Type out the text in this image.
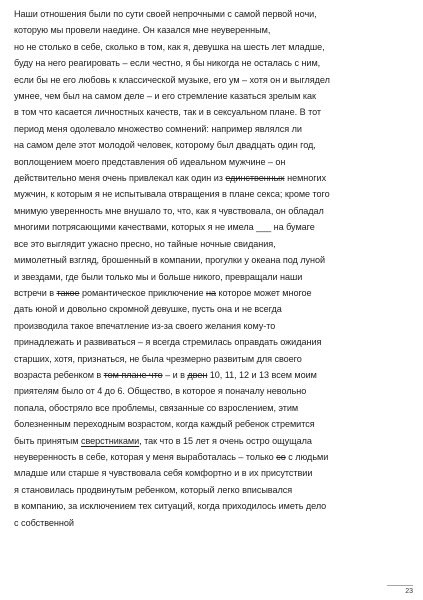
Наши отношения были по сути своей непрочными с самой первой ночи,
которую мы провели наедине. Он казался мне неуверенным,
но не столько в себе, сколько в том, как я, девушка на шесть лет младше,
буду на него реагировать – если честно, я бы никогда не осталась с ним,
если бы не его любовь к классической музыке, его ум – хотя он и выглядел
умнее, чем был на самом деле – и его стремление казаться зрелым как
в том что касается личностных качеств, так и в сексуальном плане. В тот
период меня одолевало множество сомнений: например являлся ли
на самом деле этот молодой человек, которому был двадцать один год,
воплощением моего представления об идеальном мужчине – он
действительно меня очень привлекал как один из единственных немногих
мужчин, к которым я не испытывала отвращения в плане секса; кроме того
мнимую уверенность мне внушало то, что, как я чувствовала, он обладал
многими потрясающими качествами, которых я не имела ___ на бумаге
все это выглядит ужасно пресно, но тайные ночные свидания,
мимолетный взгляд, брошенный в компании, прогулки у океана под луной
и звездами, где были только мы и больше никого, превращали наши
встречи в такое романтическое приключение на которое может многое
дать юной и довольно скромной девушке, пусть она и не всегда
производила такое впечатление из-за своего желания кому-то
принадлежать и развиваться – я всегда стремилась оправдать ожидания
старших, хотя, признаться, не была чрезмерно развитым для своего
возраста ребенком в том плане что – и в двен 10, 11, 12 и 13 всем моим
приятелям было от 4 до 6. Обществo, в которое я поначалу невольно
попала, обострялo все проблемы, связанные со взрослением, этим
болезненным переходным возрастом, когда каждый ребенок стремится
быть принятым сверстниками, так что в 15 лет я очень остро ощущала
неуверенность в себе, которая у меня выработалась – только со с людьми
младше или старше я чувствовала себя комфортно и в их присутствии
я становилась продвинутым ребенком, который легко вписывался
в компанию, за исключением тех ситуаций, когда приходилось иметь дело
с собственной
23
